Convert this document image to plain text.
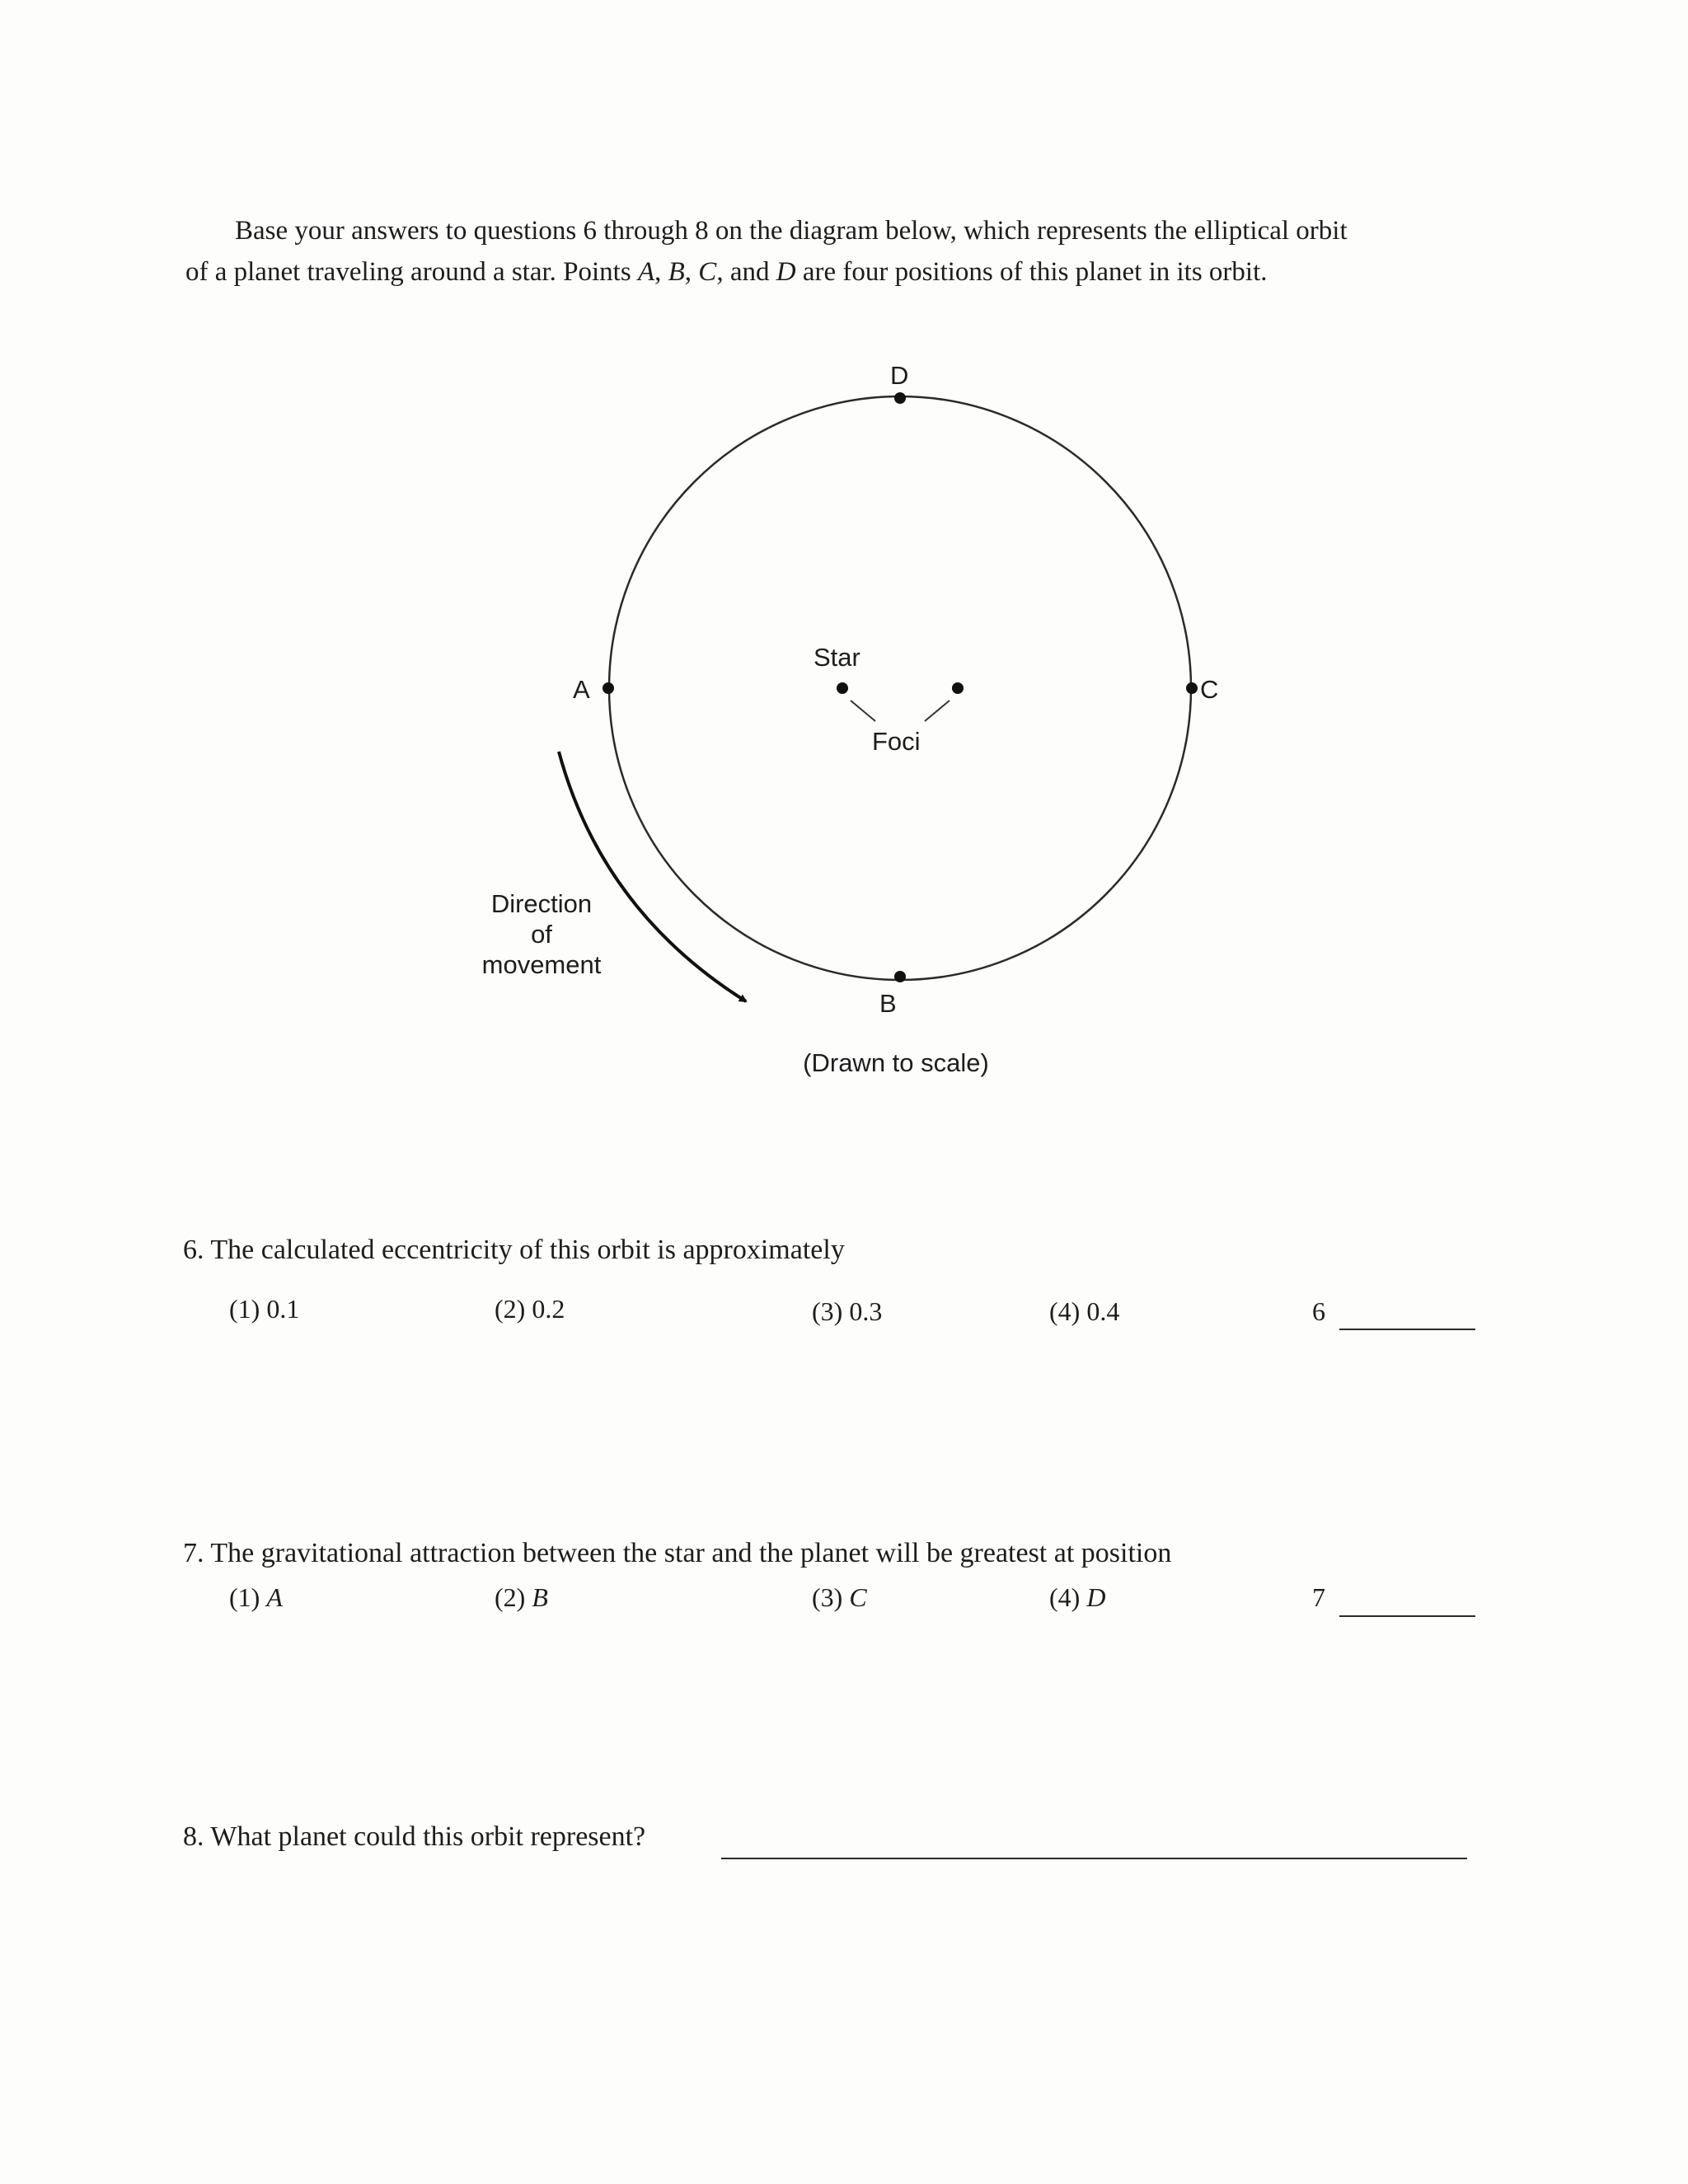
Base your answers to questions 6 through 8 on the diagram below, which represents the elliptical orbit
of a planet traveling around a star. Points A, B, C, and D are four positions of this planet in its orbit.
D
A	C
B
Star
Foci
Direction
of
movement
(Drawn to scale)
6. The calculated eccentricity of this orbit is approximately
(1) 0.1	(2) 0.2	(3) 0.3	(4) 0.4	6
7. The gravitational attraction between the star and the planet will be greatest at position
(1) A	(2) B	(3) C	(4) D	7
8. What planet could this orbit represent?
